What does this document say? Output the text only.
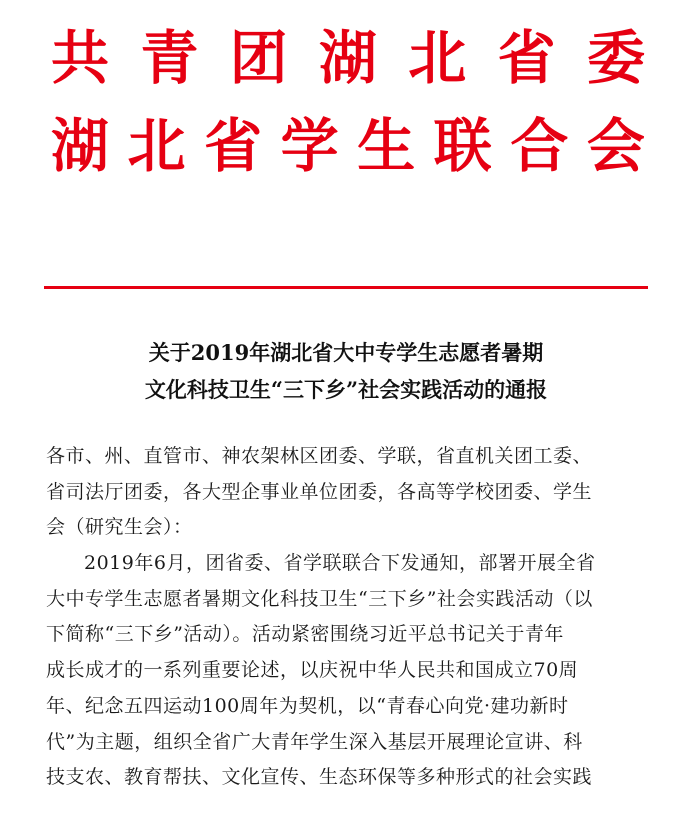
共 青 团 湖 北 省 委
湖 北 省 学 生 联 合 会
关于2019年湖北省大中专学生志愿者暑期
文化科技卫生“三下乡”社会实践活动的通报
各市、州、直管市、神农架林区团委、学联，省直机关团工委、
省司法厅团委，各大型企事业单位团委，各高等学校团委、学生
会（研究生会）：
2019年6月，团省委、省学联联合下发通知，部署开展全省
大中专学生志愿者暑期文化科技卫生“三下乡”社会实践活动（以
下简称“三下乡”活动）。活动紧密围绕习近平总书记关于青年
成长成才的一系列重要论述，以庆祝中华人民共和国成立70周
年、纪念五四运动100周年为契机，以“青春心向党·建功新时
代”为主题，组织全省广大青年学生深入基层开展理论宣讲、科
技支农、教育帮扶、文化宣传、生态环保等多种形式的社会实践
